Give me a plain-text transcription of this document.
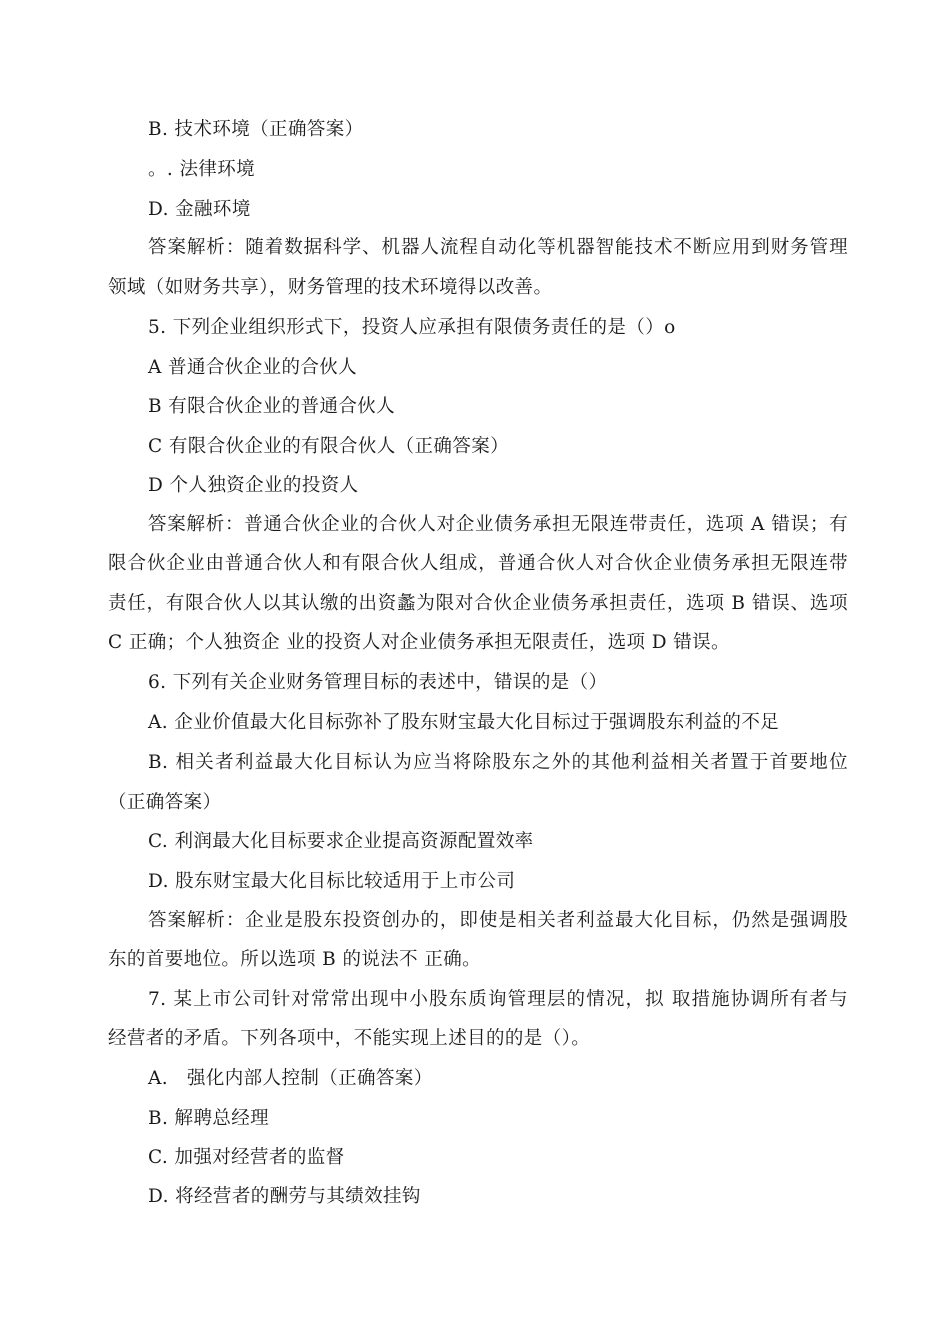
B. 技术环境（正确答案）
。. 法律环境
D. 金融环境
答案解析：随着数据科学、机器人流程自动化等机器智能技术不断应用到财务管理
领域（如财务共享），财务管理的技术环境得以改善。
5. 下列企业组织形式下，投资人应承担有限债务责任的是（）o
A 普通合伙企业的合伙人
B 有限合伙企业的普通合伙人
C 有限合伙企业的有限合伙人（正确答案）
D 个人独资企业的投资人
答案解析：普通合伙企业的合伙人对企业债务承担无限连带责任，选项 A 错误；有
限合伙企业由普通合伙人和有限合伙人组成，普通合伙人对合伙企业债务承担无限连带
责任，有限合伙人以其认缴的出资蠡为限对合伙企业债务承担责任，选项 B 错误、选项
C 正确；个人独资企 业的投资人对企业债务承担无限责任，选项 D 错误。
6. 下列有关企业财务管理目标的表述中，错误的是（）
A. 企业价值最大化目标弥补了股东财宝最大化目标过于强调股东利益的不足
B. 相关者利益最大化目标认为应当将除股东之外的其他利益相关者置于首要地位
（正确答案）
C. 利润最大化目标要求企业提高资源配置效率
D. 股东财宝最大化目标比较适用于上市公司
答案解析：企业是股东投资创办的，即使是相关者利益最大化目标，仍然是强调股
东的首要地位。所以选项 B 的说法不 正确。
7. 某上市公司针对常常出现中小股东质询管理层的情况，拟 取措施协调所有者与
经营者的矛盾。下列各项中，不能实现上述目的的是（）。
A.　强化内部人控制（正确答案）
B. 解聘总经理
C. 加强对经营者的监督
D. 将经营者的酬劳与其绩效挂钩
